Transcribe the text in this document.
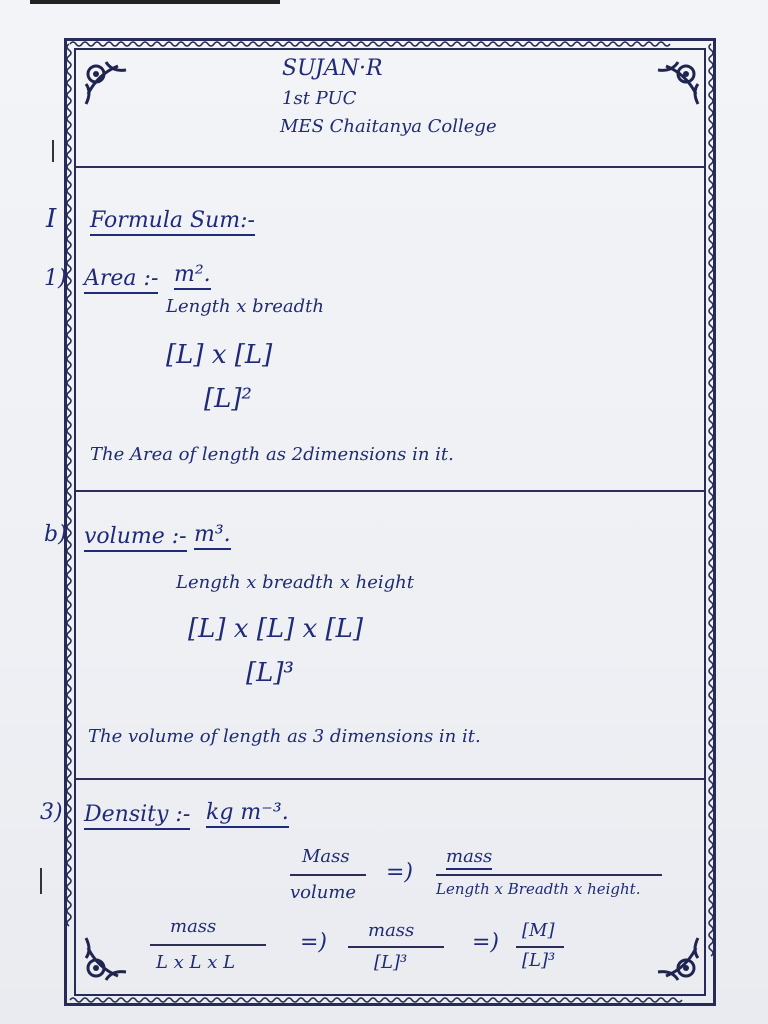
SUJAN·R
1st PUC
MES Chaitanya College
I Formula Sum:-
1) Area :- m².
Length x breadth
[L] x [L]
[L]²
The Area of length as 2dimensions in it.
b) volume :- m³.
Length x breadth x height
[L] x [L] x [L]
[L]³
The volume of length as 3 dimensions in it.
3) Density :- kg m⁻³.
Mass
volume
=)
mass
Length x Breadth x height.
mass
L x L x L
=) mass
[L]³
=) [M]
[L]³
